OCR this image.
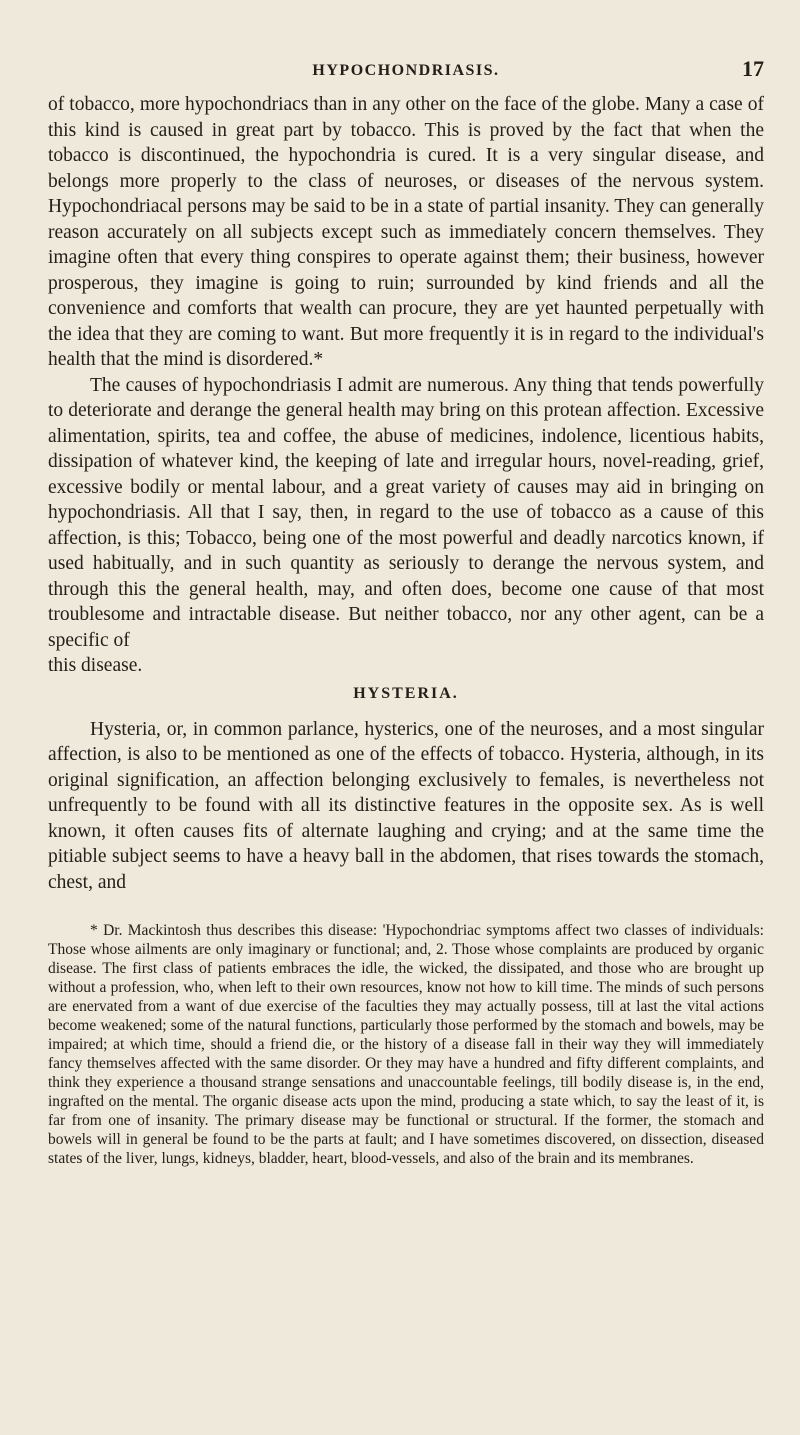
HYPOCHONDRIASIS.	17

of tobacco, more hypochondriacs than in any other on the face of the globe. Many a case of this kind is caused in great part by tobacco. This is proved by the fact that when the tobacco is discontinued, the hypochondria is cured. It is a very singular disease, and belongs more properly to the class of neuroses, or diseases of the nervous system. Hypochondriacal persons may be said to be in a state of partial insanity. They can generally reason accurately on all subjects except such as immediately concern themselves. They imagine often that every thing conspires to operate against them; their business, however prosperous, they imagine is going to ruin; surrounded by kind friends and all the convenience and comforts that wealth can procure, they are yet haunted perpetually with the idea that they are coming to want. But more frequently it is in regard to the individual's health that the mind is disordered.*

The causes of hypochondriasis I admit are numerous. Any thing that tends powerfully to deteriorate and derange the general health may bring on this protean affection. Excessive alimentation, spirits, tea and coffee, the abuse of medicines, indolence, licentious habits, dissipation of whatever kind, the keeping of late and irregular hours, novel-reading, grief, excessive bodily or mental labour, and a great variety of causes may aid in bringing on hypochondriasis. All that I say, then, in regard to the use of tobacco as a cause of this affection, is this; Tobacco, being one of the most powerful and deadly narcotics known, if used habitually, and in such quantity as seriously to derange the nervous system, and through this the general health, may, and often does, become one cause of that most troublesome and intractable disease. But neither tobacco, nor any other agent, can be a specific of

this disease.

HYSTERIA.

Hysteria, or, in common parlance, hysterics, one of the neuroses, and a most singular affection, is also to be mentioned as one of the effects of tobacco. Hysteria, although, in its original signification, an affection belonging exclusively to females, is nevertheless not unfrequently to be found with all its distinctive features in the opposite sex. As is well known, it often causes fits of alternate laughing and crying; and at the same time the pitiable subject seems to have a heavy ball in the abdomen, that rises towards the stomach, chest, and

* Dr. Mackintosh thus describes this disease: 'Hypochondriac symptoms affect two classes of individuals: Those whose ailments are only imaginary or functional; and, 2. Those whose complaints are produced by organic disease. The first class of patients embraces the idle, the wicked, the dissipated, and those who are brought up without a profession, who, when left to their own resources, know not how to kill time. The minds of such persons are enervated from a want of due exercise of the faculties they may actually possess, till at last the vital actions become weakened; some of the natural functions, particularly those performed by the stomach and bowels, may be impaired; at which time, should a friend die, or the history of a disease fall in their way they will immediately fancy themselves affected with the same disorder. Or they may have a hundred and fifty different complaints, and think they experience a thousand strange sensations and unaccountable feelings, till bodily disease is, in the end, ingrafted on the mental. The organic disease acts upon the mind, producing a state which, to say the least of it, is far from one of insanity. The primary disease may be functional or structural. If the former, the stomach and bowels will in general be found to be the parts at fault; and I have sometimes discovered, on dissection, diseased states of the liver, lungs, kidneys, bladder, heart, blood-vessels, and also of the brain and its membranes.
